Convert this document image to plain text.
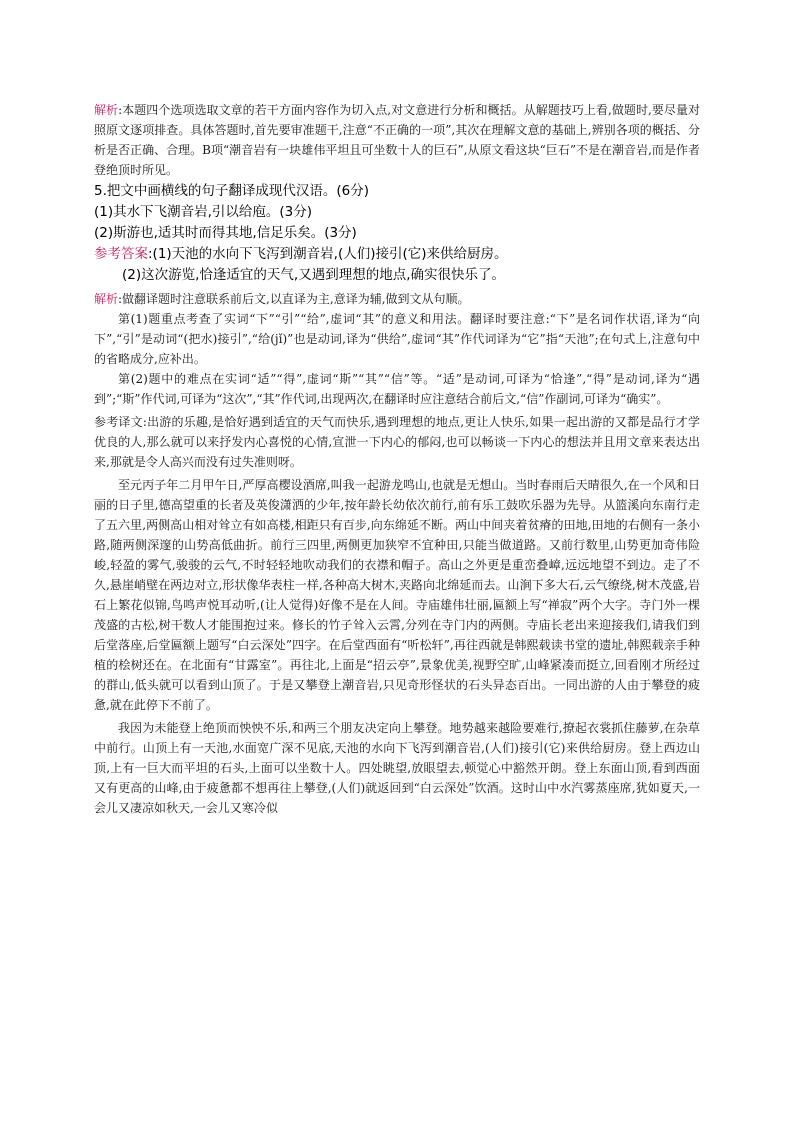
解析:本题四个选项选取文章的若干方面内容作为切入点,对文意进行分析和概括。从解题技巧上看,做题时,要尽量对照原文逐项排查。具体答题时,首先要审准题干,注意“不正确的一项”,其次在理解文意的基础上,辨别各项的概括、分析是否正确、合理。B项“潮音岩有一块雄伟平坦且可坐数十人的巨石”,从原文看这块“巨石”不是在潮音岩,而是作者登绝顶时所见。

5.把文中画横线的句子翻译成现代汉语。(6分)

(1)其水下飞潮音岩,引以给庖。(3分)

(2)斯游也,适其时而得其地,信足乐矣。(3分)

参考答案:(1)天池的水向下飞泻到潮音岩,(人们)接引(它)来供给厨房。

(2)这次游览,恰逢适宜的天气,又遇到理想的地点,确实很快乐了。

解析:做翻译题时注意联系前后文,以直译为主,意译为辅,做到文从句顺。

第(1)题重点考查了实词“下”“引”“给”,虚词“其”的意义和用法。翻译时要注意:“下”是名词作状语,译为“向下”,“引”是动词“(把水)接引”,“给(jǐ)”也是动词,译为“供给”,虚词“其”作代词译为“它”指“天池”;在句式上,注意句中的省略成分,应补出。

第(2)题中的难点在实词“适”“得”,虚词“斯”“其”“信”等。“适”是动词,可译为“恰逢”,“得”是动词,译为“遇到”;“斯”作代词,可译为“这次”,“其”作代词,出现两次,在翻译时应注意结合前后文,“信”作副词,可译为“确实”。

参考译文:出游的乐趣,是恰好遇到适宜的天气而快乐,遇到理想的地点,更让人快乐,如果一起出游的又都是品行才学优良的人,那么就可以来抒发内心喜悦的心情,宣泄一下内心的郁闷,也可以畅谈一下内心的想法并且用文章来表达出来,那就是令人高兴而没有过失准则呀。

至元丙子年二月甲午日,严厚高樱设酒席,叫我一起游龙鸣山,也就是无想山。当时春雨后天晴很久,在一个风和日丽的日子里,德高望重的长者及英俊潇洒的少年,按年龄长幼依次前行,前有乐工鼓吹乐器为先导。从篮溪向东南行走了五六里,两侧高山相对耸立有如高楼,相距只有百步,向东绵延不断。两山中间夹着贫瘠的田地,田地的右侧有一条小路,随两侧深邃的山势高低曲折。前行三四里,两侧更加狭窄不宜种田,只能当做道路。又前行数里,山势更加奇伟险峻,轻盈的雾气,骏骏的云气,不时轻轻地吹动我们的衣襟和帽子。高山之外更是重峦叠嶂,远远地望不到边。走了不久,悬崖峭壁在两边对立,形状像华表柱一样,各种高大树木,夹路向北绵延而去。山涧下多大石,云气缭绕,树木茂盛,岩石上繁花似锦,鸟鸣声悦耳动听,(让人觉得)好像不是在人间。寺庙雄伟壮丽,匾额上写“禅寂”两个大字。寺门外一棵茂盛的古松,树干数人才能围抱过来。修长的竹子耸入云霄,分列在寺门内的两侧。寺庙长老出来迎接我们,请我们到后堂落座,后堂匾额上题写“白云深处”四字。在后堂西面有“听松轩”,再往西就是韩熙载读书堂的遗址,韩熙载亲手种植的桧树还在。在北面有“甘露室”。再往北,上面是“招云亭”,景象优美,视野空旷,山峰紧凑而挺立,回看刚才所经过的群山,低头就可以看到山顶了。于是又攀登上潮音岩,只见奇形怪状的石头异态百出。一同出游的人由于攀登的疲惫,就在此停下不前了。

我因为未能登上绝顶而怏怏不乐,和两三个朋友决定向上攀登。地势越来越险要难行,撩起衣裳抓住藤萝,在杂草中前行。山顶上有一天池,水面宽广深不见底,天池的水向下飞泻到潮音岩,(人们)接引(它)来供给厨房。登上西边山顶,上有一巨大而平坦的石头,上面可以坐数十人。四处眺望,放眼望去,顿觉心中豁然开朗。登上东面山顶,看到西面又有更高的山峰,由于疲惫都不想再往上攀登,(人们)就返回到“白云深处”饮酒。这时山中水汽雾蒸座席,犹如夏天,一会儿又凄凉如秋天,一会儿又寒冷似
